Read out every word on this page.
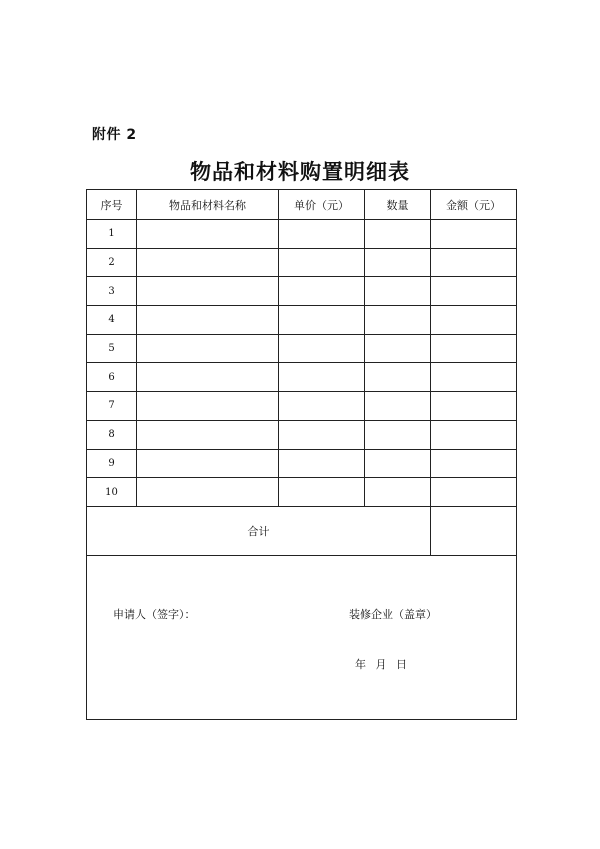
附件 2
物品和材料购置明细表
序号	物品和材料名称	单价（元）	数量	金额（元）
1				
2				
3				
4				
5				
6				
7				
8				
9				
10				
合计				

申请人（签字）： 装修企业（盖章）
年 月 日				
